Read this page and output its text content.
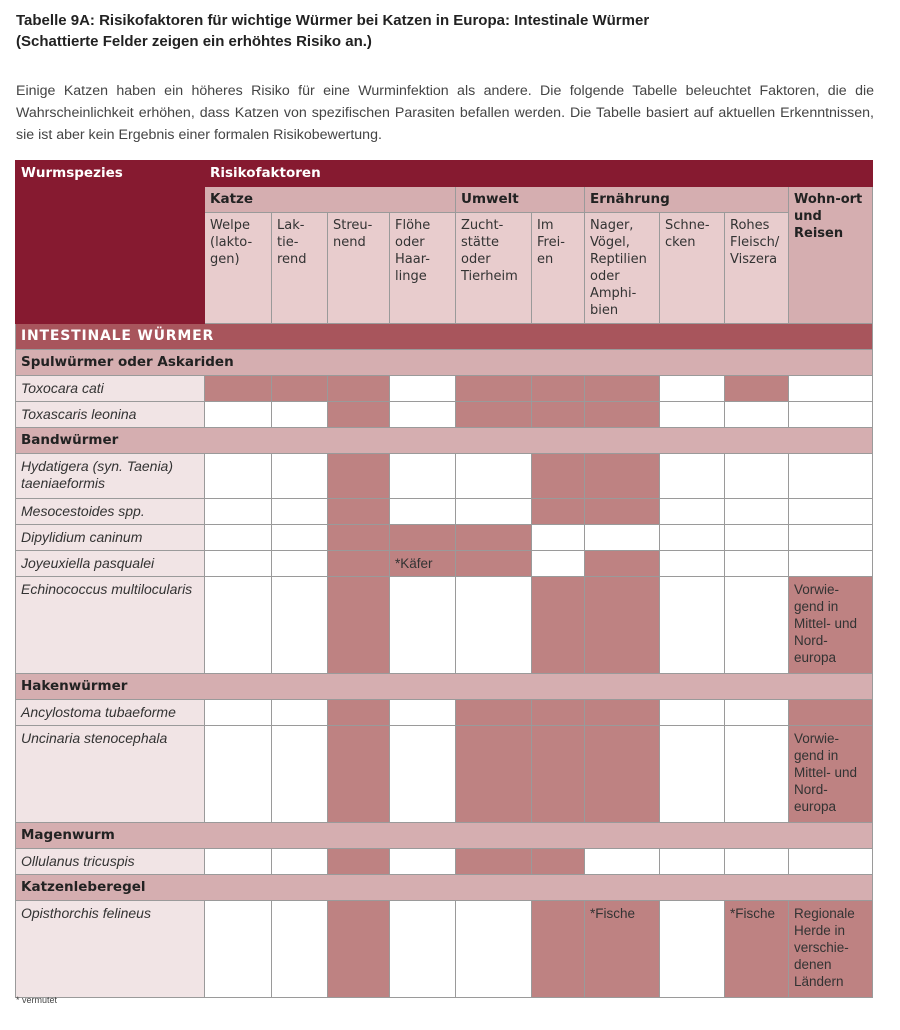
Tabelle 9A: Risikofaktoren für wichtige Würmer bei Katzen in Europa: Intestinale Würmer
(Schattierte Felder zeigen ein erhöhtes Risiko an.)
Einige Katzen haben ein höheres Risiko für eine Wurminfektion als andere. Die folgende Tabelle beleuchtet Faktoren, die die Wahrscheinlichkeit erhöhen, dass Katzen von spezifischen Parasiten befallen werden. Die Tabelle basiert auf aktuellen Erkenntnissen, sie ist aber kein Ergebnis einer formalen Risikobewertung.
Wurmspezies	Risikofaktoren									
	Katze				Umwelt		Ernährung			Wohn-ort und Reisen
	Welpe (lakto-gen)	Lak-tie-rend	Streu-nend	Flöhe oder Haar-linge	Zucht-stätte oder Tierheim	Im Frei-en	Nager, Vögel, Reptilien oder Amphi-bien	Schne-cken	Rohes Fleisch/ Viszera	
INTESTINALE WÜRMER										
Spulwürmer oder Askariden										
Toxocara cati										
Toxascaris leonina										
Bandwürmer										
Hydatigera (syn. Taenia) taeniaeformis										
Mesocestoides spp.										
Dipylidium caninum										
Joyeuxiella pasqualei				*Käfer						
Echinococcus multilocularis										Vorwie-gend in Mittel- und Nord-europa
Hakenwürmer										
Ancylostoma tubaeforme										
Uncinaria stenocephala										Vorwie-gend in Mittel- und Nord-europa
Magenwurm										
Ollulanus tricuspis										
Katzenleberegel										
Opisthorchis felineus							*Fische		*Fische	Regionale Herde in verschie-denen Ländern
* vermutet
